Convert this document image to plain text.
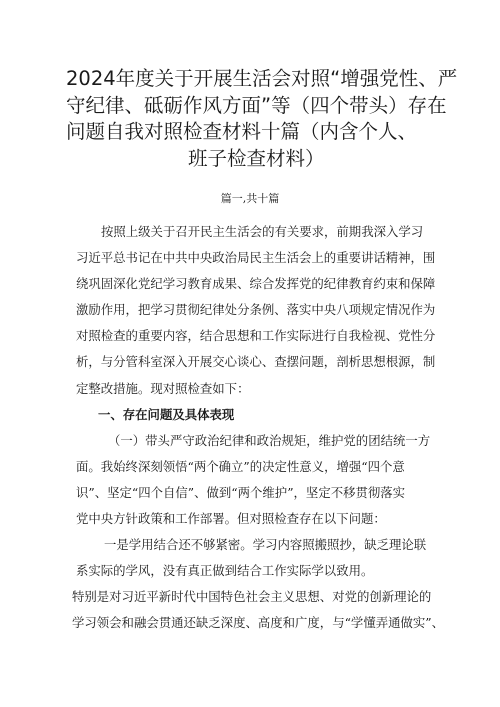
2024年度关于开展生活会对照“增强党性、严
守纪律、砥砺作风方面”等（四个带头）存在
问题自我对照检查材料十篇（内含个人、
班子检查材料）
篇一,共十篇
按照上级关于召开民主生活会的有关要求，前期我深入学习
习近平总书记在中共中央政治局民主生活会上的重要讲话精神，围
绕巩固深化党纪学习教育成果、综合发挥党的纪律教育约束和保障
激励作用，把学习贯彻纪律处分条例、落实中央八项规定情况作为
对照检查的重要内容，结合思想和工作实际进行自我检视、党性分
析，与分管科室深入开展交心谈心、查摆问题，剖析思想根源，制
定整改措施。现对照检查如下：
一、存在问题及具体表现
（一）带头严守政治纪律和政治规矩，维护党的团结统一方
面。我始终深刻领悟“两个确立”的决定性意义，增强“四个意
识”、坚定“四个自信”、做到“两个维护”，坚定不移贯彻落实
党中央方针政策和工作部署。但对照检查存在以下问题：
一是学用结合还不够紧密。学习内容照搬照抄，缺乏理论联
系实际的学风，没有真正做到结合工作实际学以致用。
特别是对习近平新时代中国特色社会主义思想、对党的创新理论的
学习领会和融会贯通还缺乏深度、高度和广度，与“学懂弄通做实”、
